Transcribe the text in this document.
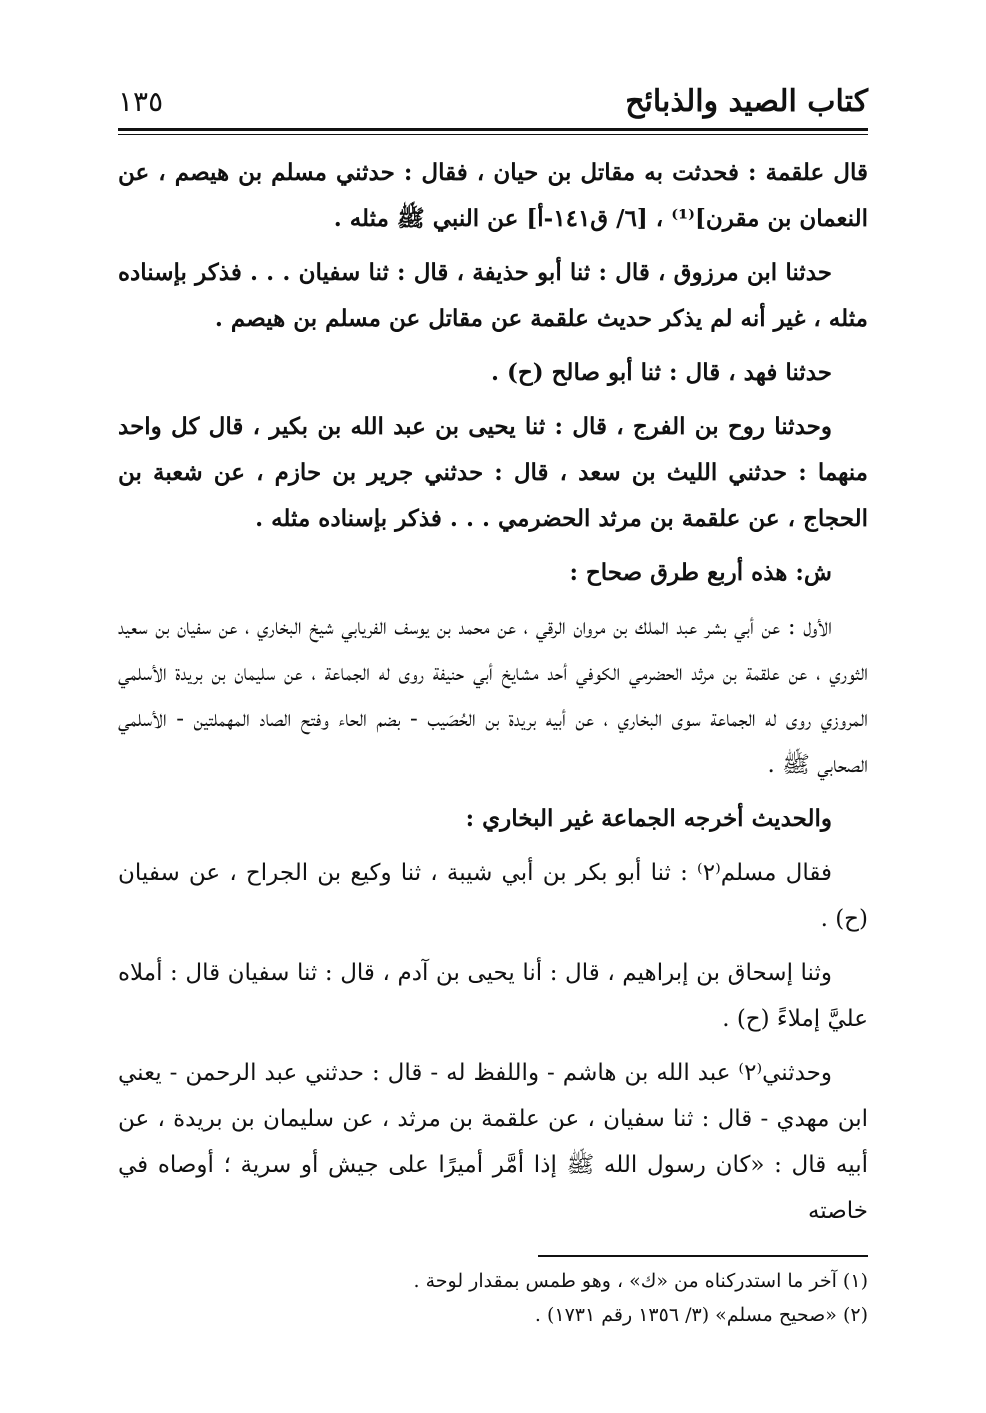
كتاب الصيد والذبائح
١٣٥

قال علقمة : فحدثت به مقاتل بن حيان ، فقال : حدثني مسلم بن هيصم ، عن النعمان بن مقرن]⁽¹⁾ ، [٦/ ق١٤١-أ] عن النبي ﷺ مثله .

حدثنا ابن مرزوق ، قال : ثنا أبو حذيفة ، قال : ثنا سفيان . . . فذكر بإسناده مثله ، غير أنه لم يذكر حديث علقمة عن مقاتل عن مسلم بن هيصم .

حدثنا فهد ، قال : ثنا أبو صالح (ح) .

وحدثنا روح بن الفرج ، قال : ثنا يحيى بن عبد الله بن بكير ، قال كل واحد منهما : حدثني الليث بن سعد ، قال : حدثني جرير بن حازم ، عن شعبة بن الحجاج ، عن علقمة بن مرثد الحضرمي . . . فذكر بإسناده مثله .

ش: هذه أربع طرق صحاح :

الأول : عن أبي بشر عبد الملك بن مروان الرقي ، عن محمد بن يوسف الفريابي شيخ البخاري ، عن سفيان بن سعيد الثوري ، عن علقمة بن مرثد الحضرمي الكوفي أحد مشايخ أبي حنيفة روى له الجماعة ، عن سليمان بن بريدة الأسلمي المروزي روى له الجماعة سوى البخاري ، عن أبيه بريدة بن الحُصَيب - بضم الحاء وفتح الصاد المهملتين - الأسلمي الصحابي ﷺ .

والحديث أخرجه الجماعة غير البخاري :

فقال مسلم⁽٢⁾ : ثنا أبو بكر بن أبي شيبة ، ثنا وكيع بن الجراح ، عن سفيان (ح) .

وثنا إسحاق بن إبراهيم ، قال : أنا يحيى بن آدم ، قال : ثنا سفيان قال : أملاه عليَّ إملاءً (ح) .

وحدثني⁽٢⁾ عبد الله بن هاشم - واللفظ له - قال : حدثني عبد الرحمن - يعني ابن مهدي - قال : ثنا سفيان ، عن علقمة بن مرثد ، عن سليمان بن بريدة ، عن أبيه قال : «كان رسول الله ﷺ إذا أمَّر أميرًا على جيش أو سرية ؛ أوصاه في خاصته

(١) آخر ما استدركناه من «ك» ، وهو طمس بمقدار لوحة .
(٢) «صحيح مسلم» (٣/ ١٣٥٦ رقم ١٧٣١) .
